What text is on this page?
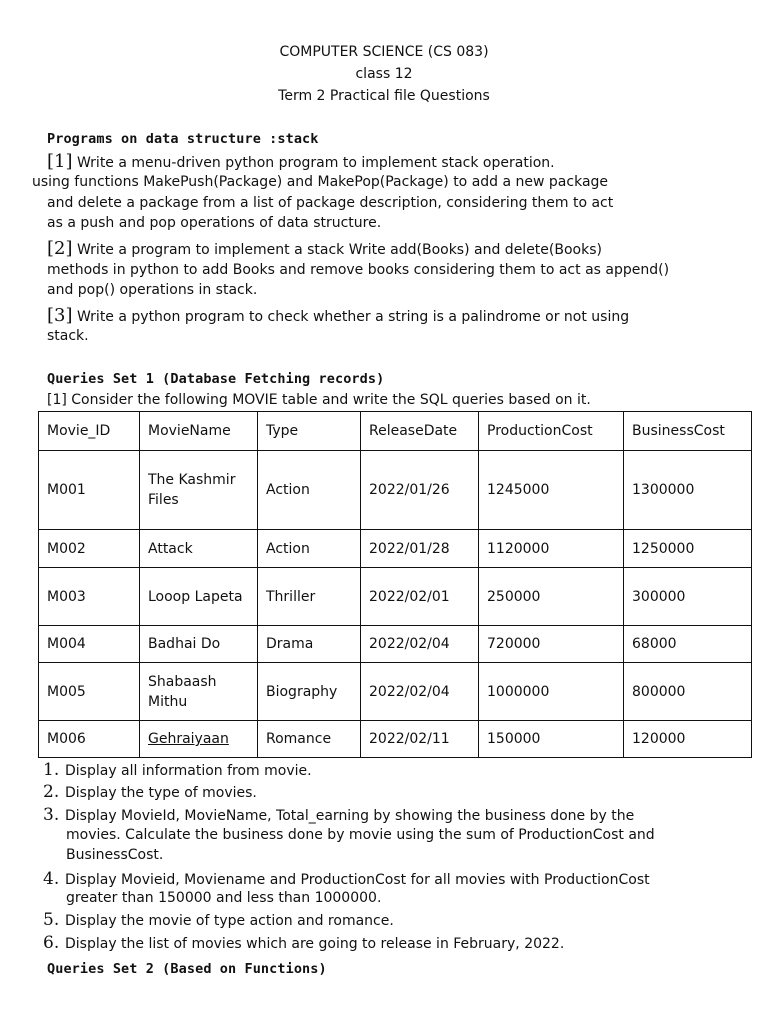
COMPUTER SCIENCE (CS 083)
class 12
Term 2 Practical file Questions
Programs on data structure :stack
[1] Write a menu-driven python program to implement stack operation.
using functions MakePush(Package) and MakePop(Package) to add a new package
and delete a package from a list of package description, considering them to act
as a push and pop operations of data structure.
[2] Write a program to implement a stack Write add(Books) and delete(Books)
methods in python to add Books and remove books considering them to act as append()
and pop() operations in stack.
[3] Write a python program to check whether a string is a palindrome or not using
stack.
Queries Set 1 (Database Fetching records)
[1] Consider the following MOVIE table and write the SQL queries based on it.
Movie_ID	MovieName	Type	ReleaseDate	ProductionCost	BusinessCost
M001	The Kashmir Files	Action	2022/01/26	1245000	1300000
M002	Attack	Action	2022/01/28	1120000	1250000
M003	Looop Lapeta	Thriller	2022/02/01	250000	300000
M004	Badhai Do	Drama	2022/02/04	720000	68000
M005	Shabaash Mithu	Biography	2022/02/04	1000000	800000
M006	Gehraiyaan	Romance	2022/02/11	150000	120000
1. Display all information from movie.
2. Display the type of movies.
3. Display MovieId, MovieName, Total_earning by showing the business done by the
movies. Calculate the business done by movie using the sum of ProductionCost and
BusinessCost.
4. Display Movieid, Moviename and ProductionCost for all movies with ProductionCost
greater than 150000 and less than 1000000.
5. Display the movie of type action and romance.
6. Display the list of movies which are going to release in February, 2022.
Queries Set 2 (Based on Functions)
